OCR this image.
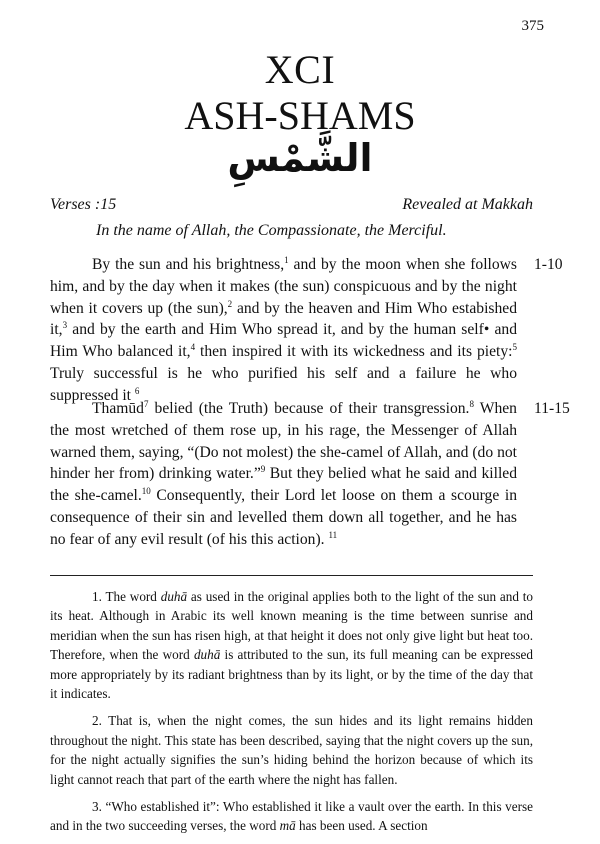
375
XCI
ASH-SHAMS
الشَّمْسِ
Verses :15	Revealed at Makkah
In the name of Allah, the Compassionate, the Merciful.
By the sun and his brightness,$^1$ and by the moon when she follows him, and by the day when it makes (the sun) conspicuous and by the night when it covers up (the sun),$^2$ and by the heaven and Him Who estabished it,$^3$ and by the earth and Him Who spread it, and by the human self• and Him Who balanced it,$^4$ then inspired it with its wickedness and its piety:$^5$ Truly successful is he who purified his self and a failure he who suppressed it $^6$
1-10
Thamūd$^7$ belied (the Truth) because of their transgression.$^8$ When the most wretched of them rose up, in his rage, the Messenger of Allah warned them, saying, “(Do not molest) the she-camel of Allah, and (do not hinder her from) drinking water.”$^9$ But they belied what he said and killed the she-camel.$^{10}$ Consequently, their Lord let loose on them a scourge in consequence of their sin and levelled them down all together, and he has no fear of any evil result (of his this action). $^{11}$
11-15

1. The word duhā as used in the original applies both to the light of the sun and to its heat. Although in Arabic its well known meaning is the time between sunrise and meridian when the sun has risen high, at that height it does not only give light but heat too. Therefore, when the word duhā is attributed to the sun, its full meaning can be expressed more appropriately by its radiant brightness than by its light, or by the time of the day that it indicates.

2. That is, when the night comes, the sun hides and its light remains hidden throughout the night. This state has been described, saying that the night covers up the sun, for the night actually signifies the sun’s hiding behind the horizon because of which its light cannot reach that part of the earth where the night has fallen.

3. “Who established it”: Who established it like a vault over the earth. In this verse and in the two succeeding verses, the word mā has been used. A section
